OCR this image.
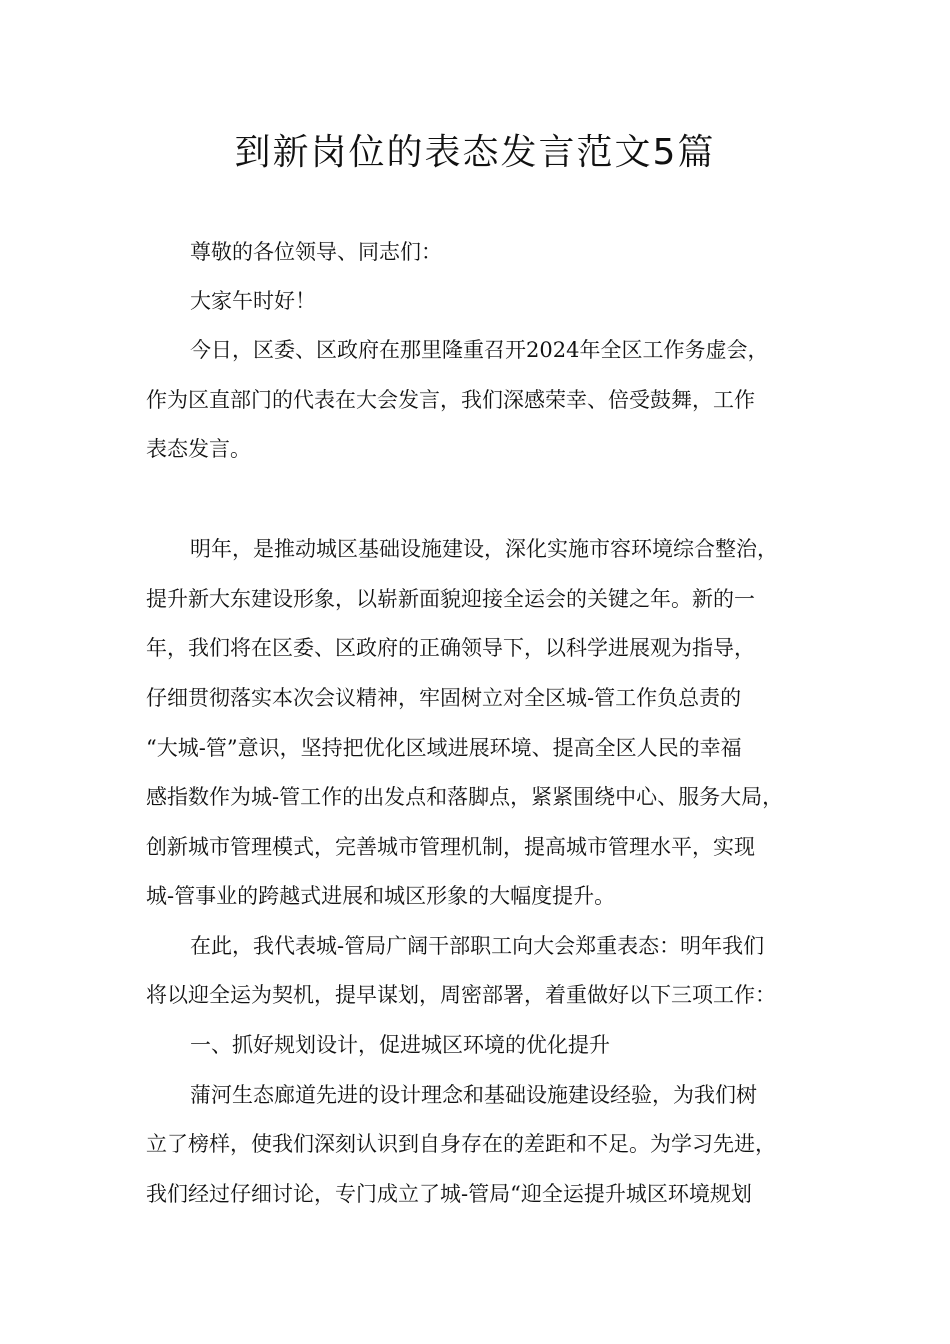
到新岗位的表态发言范文5篇

尊敬的各位领导、同志们：

大家午时好！

今日，区委、区政府在那里隆重召开2024年全区工作务虚会，

作为区直部门的代表在大会发言，我们深感荣幸、倍受鼓舞，工作

表态发言。

明年，是推动城区基础设施建设，深化实施市容环境综合整治，

提升新大东建设形象，以崭新面貌迎接全运会的关键之年。新的一

年，我们将在区委、区政府的正确领导下，以科学进展观为指导，

仔细贯彻落实本次会议精神，牢固树立对全区城-管工作负总责的

“大城-管”意识，坚持把优化区域进展环境、提高全区人民的幸福

感指数作为城-管工作的出发点和落脚点，紧紧围绕中心、服务大局，

创新城市管理模式，完善城市管理机制，提高城市管理水平，实现

城-管事业的跨越式进展和城区形象的大幅度提升。

在此，我代表城-管局广阔干部职工向大会郑重表态：明年我们

将以迎全运为契机，提早谋划，周密部署，着重做好以下三项工作：

一、抓好规划设计，促进城区环境的优化提升

蒲河生态廊道先进的设计理念和基础设施建设经验，为我们树

立了榜样，使我们深刻认识到自身存在的差距和不足。为学习先进，

我们经过仔细讨论，专门成立了城-管局“迎全运提升城区环境规划
